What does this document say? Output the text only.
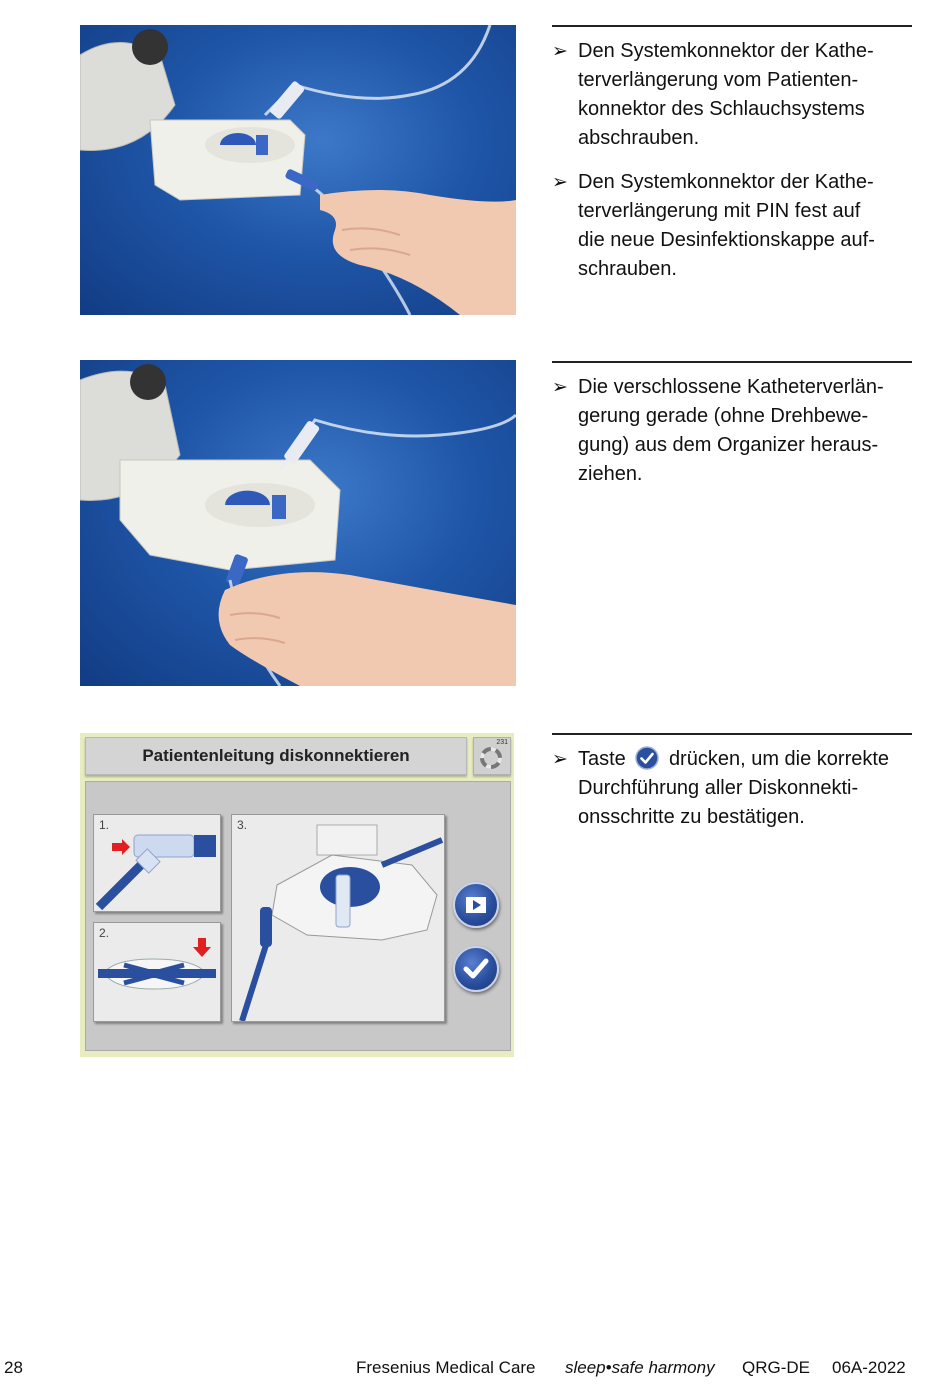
➢ Den Systemkonnektor der Kathe-
terverlängerung vom Patienten-
konnektor des Schlauchsystems
abschrauben.
➢ Den Systemkonnektor der Kathe-
terverlängerung mit PIN fest auf
die neue Desinfektionskappe auf-
schrauben.
➢ Die verschlossene Katheterverlän-
gerung gerade (ohne Drehbewe-
gung) aus dem Organizer heraus-
ziehen.
Patientenleitung diskonnektieren
231
1.
2.
3.
➢ Taste drücken, um die korrekte
Durchführung aller Diskonnekti-
onsschritte zu bestätigen.
28	Fresenius Medical Care sleep•safe harmony QRG-DE 06A-2022
